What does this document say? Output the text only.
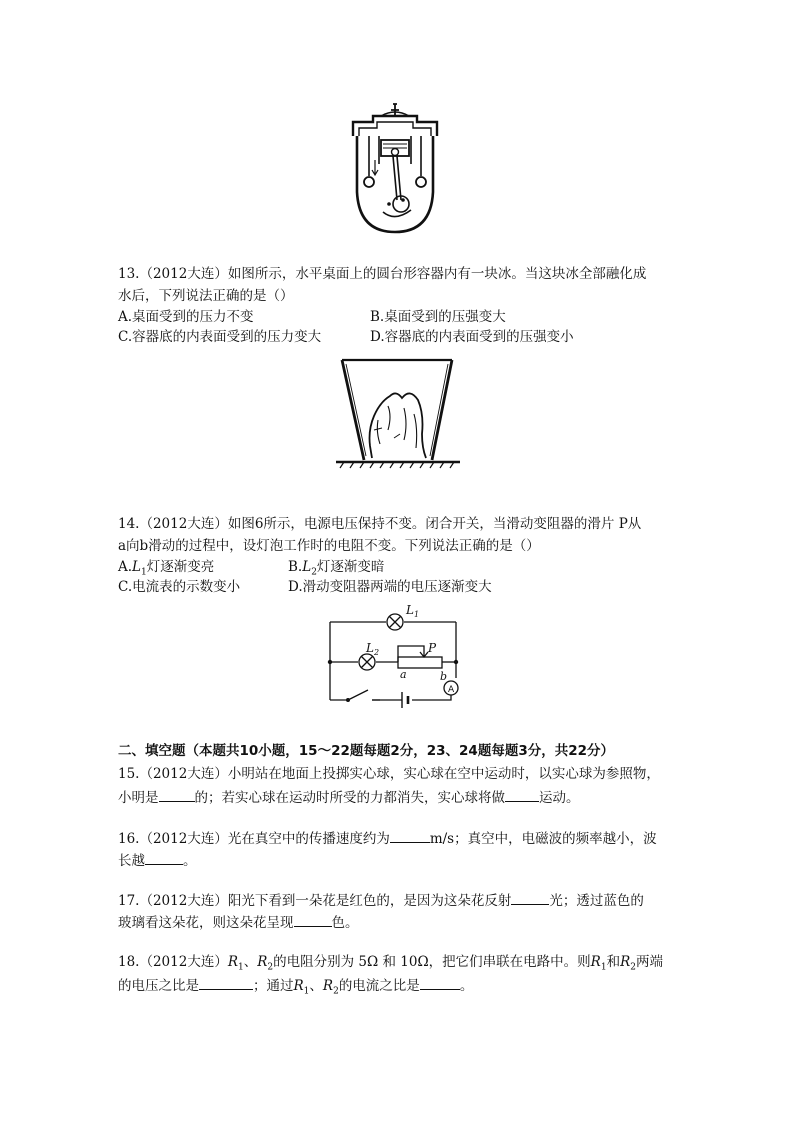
13.（2012大连）如图所示，水平桌面上的圆台形容器内有一块冰。当这块冰全部融化成
水后，下列说法正确的是（）
A.桌面受到的压力不变	B.桌面受到的压强变大
C.容器底的内表面受到的压力变大	D.容器底的内表面受到的压强变小
14.（2012大连）如图6所示，电源电压保持不变。闭合开关，当滑动变阻器的滑片 P从
a向b滑动的过程中，设灯泡工作时的电阻不变。下列说法正确的是（）
$A.L_1$灯逐渐变亮	$B.L_2$灯逐渐变暗
C.电流表的示数变小	D.滑动变阻器两端的电压逐渐变大
$L_1$
$L_2$	P
a	b
A
二、填空题（本题共10小题，15～22题每题2分，23、24题每题3分，共22分）
15.（2012大连）小明站在地面上投掷实心球，实心球在空中运动时，以实心球为参照物，
小明是	的；若实心球在运动时所受的力都消失，实心球将做	运动。
16.（2012大连）光在真空中的传播速度约为	m/s；真空中，电磁波的频率越小，波
长越	。
17.（2012大连）阳光下看到一朵花是红色的，是因为这朵花反射	光；透过蓝色的
玻璃看这朵花，则这朵花呈现	色。
18.（2012大连）$R_1$、$R_2$的电阻分别为 5Ω 和 10Ω，把它们串联在电路中。则$R_1$和$R_2$两端
的电压之比是	；通过$R_1$、$R_2$的电流之比是	。
